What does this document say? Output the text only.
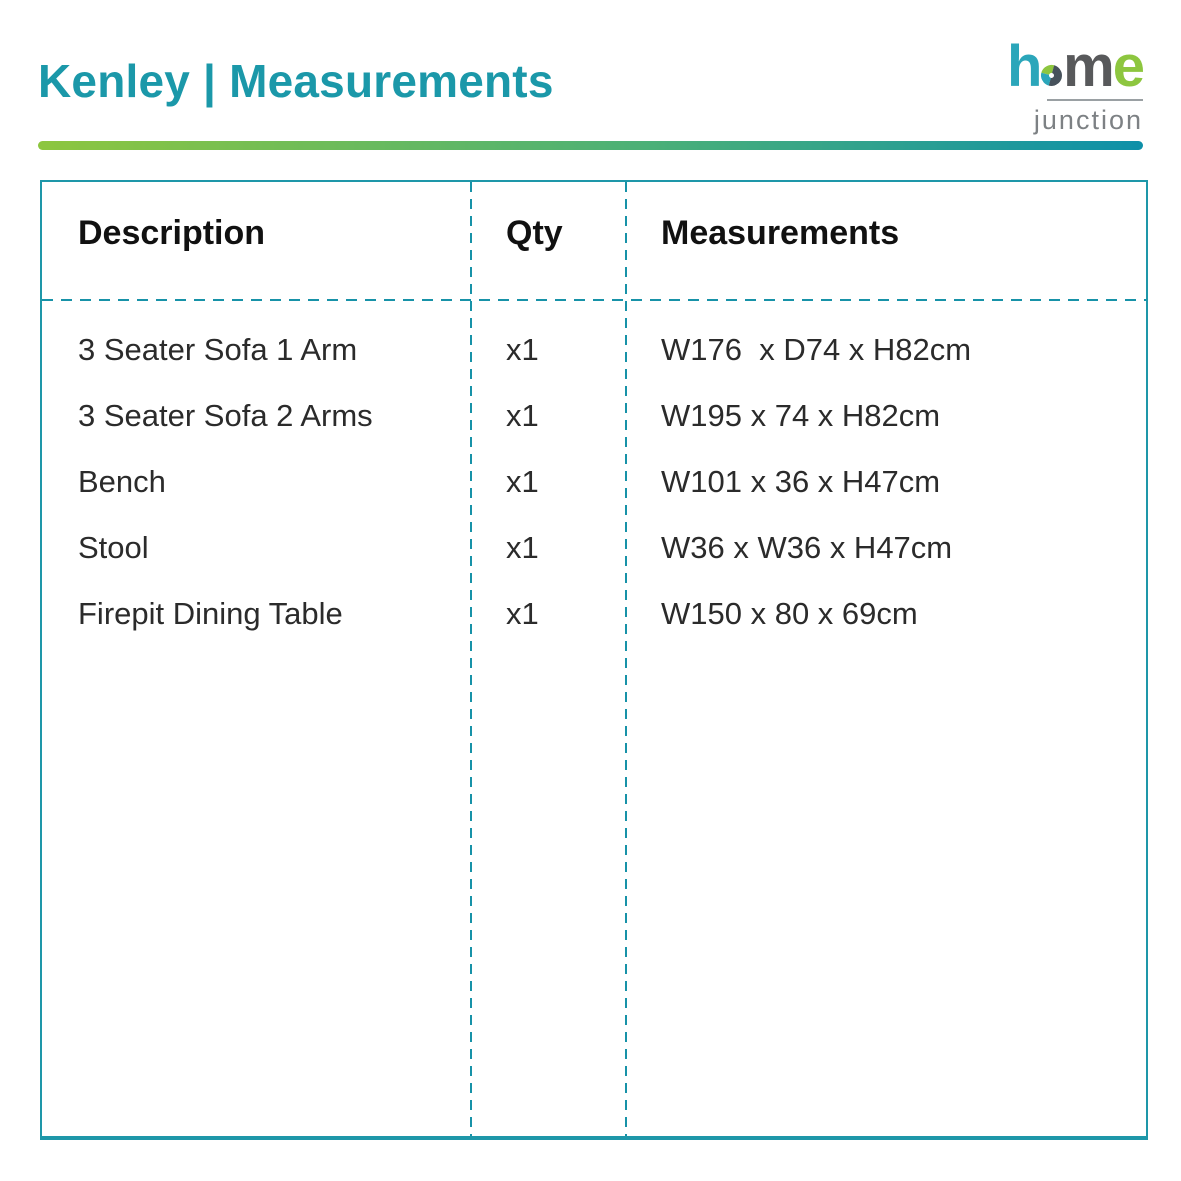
Kenley | Measurements	h m e
junction
Description	Qty	Measurements
3 Seater Sofa 1 Arm	x1	W176  x D74 x H82cm
3 Seater Sofa 2 Arms	x1	W195 x 74 x H82cm
Bench	x1	W101 x 36 x H47cm
Stool	x1	W36 x W36 x H47cm
Firepit Dining Table	x1	W150 x 80 x 69cm
